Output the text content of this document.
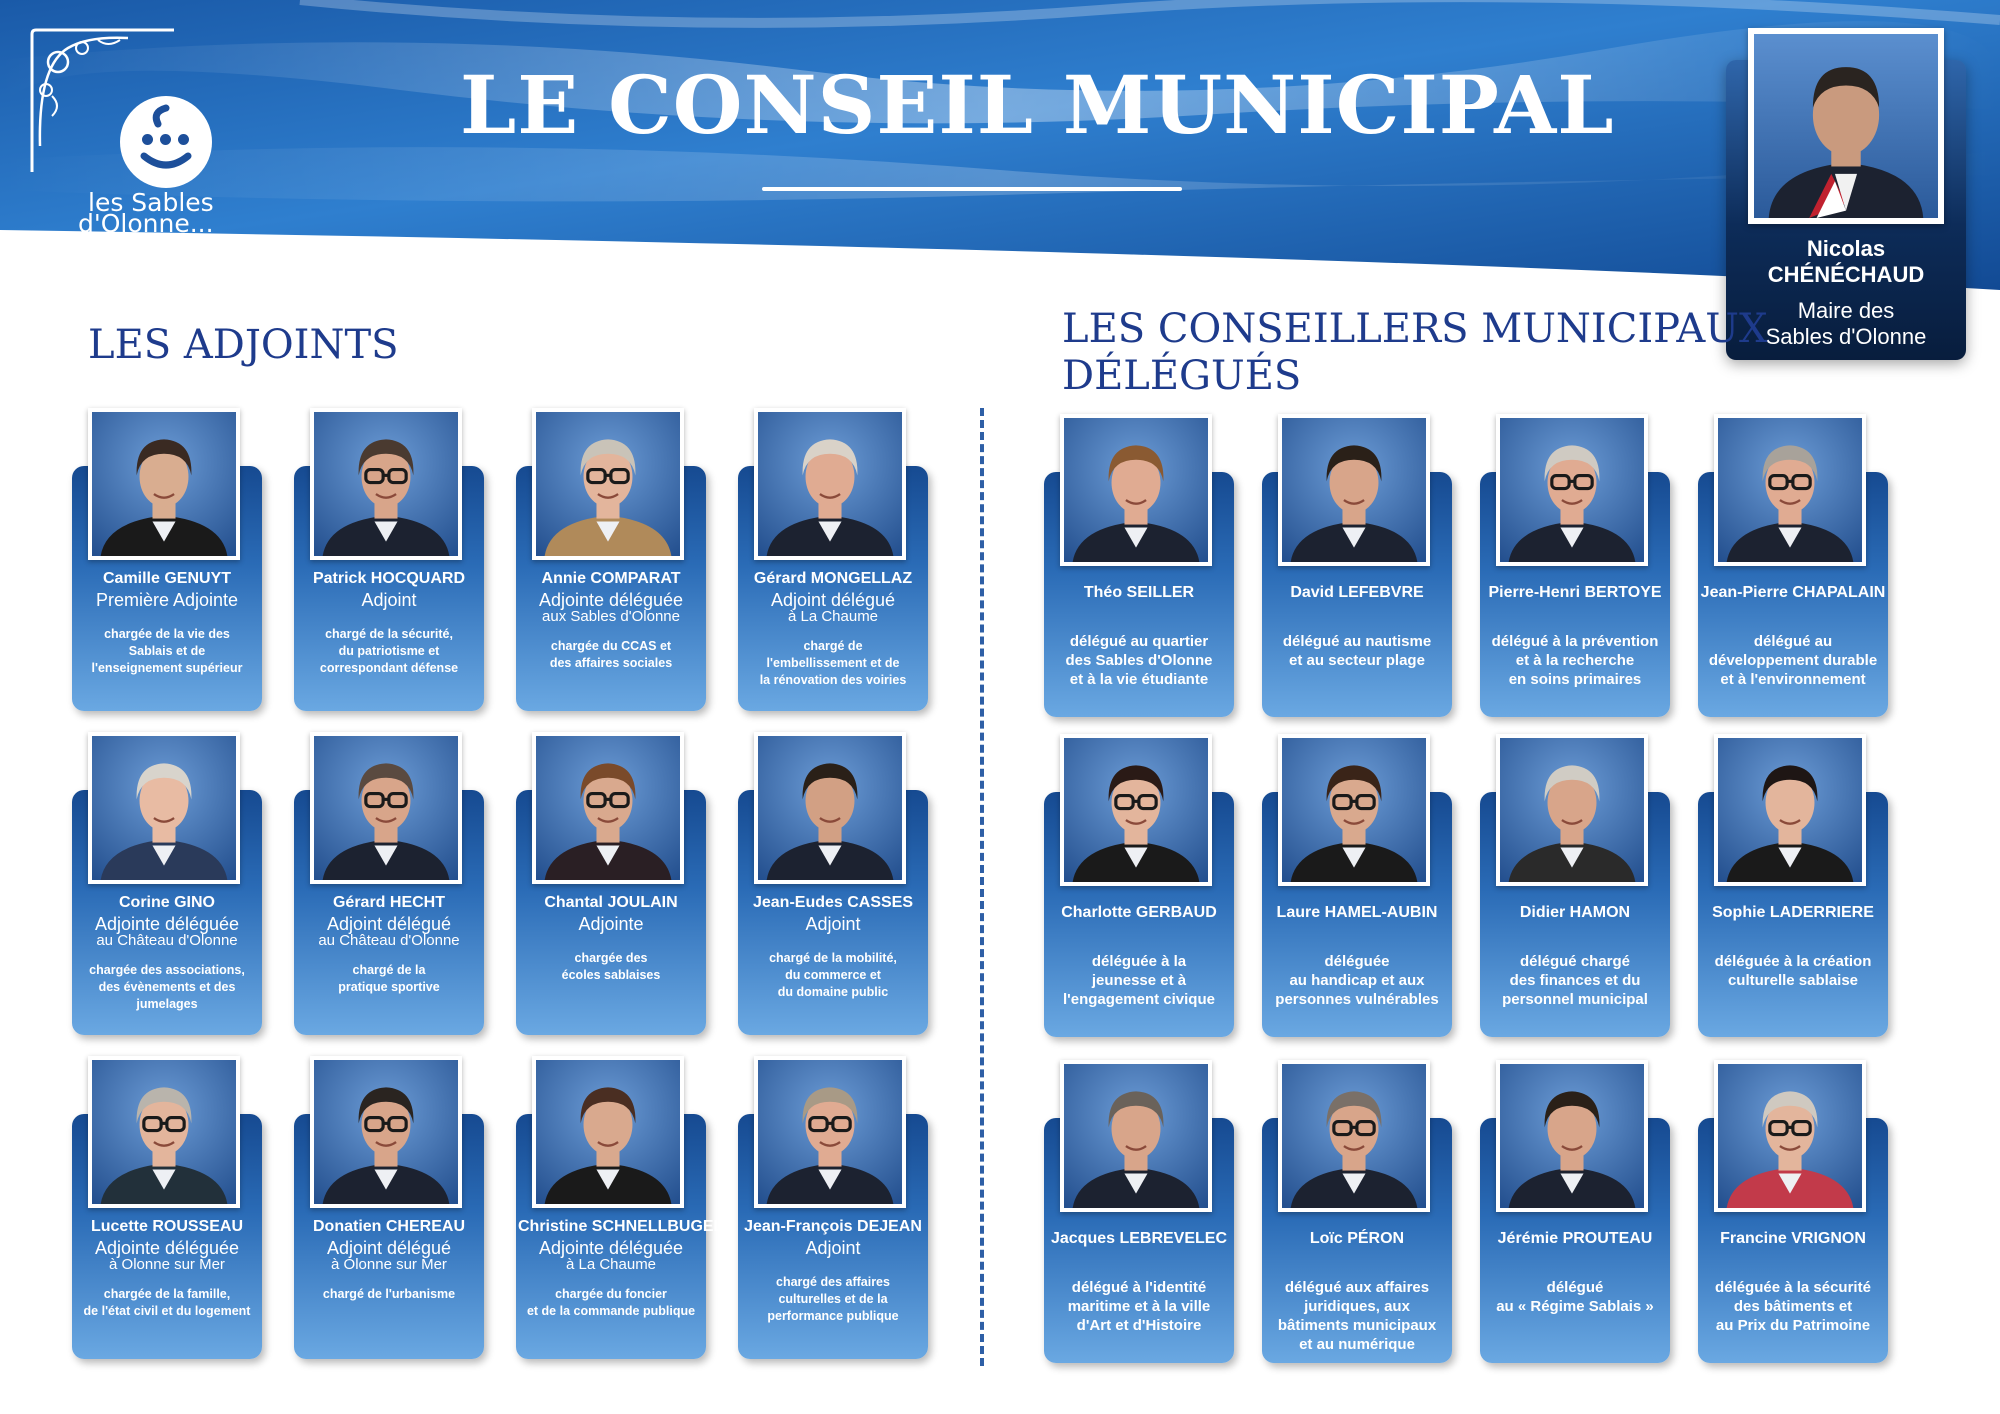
les Sables
d'Olonne...
LE CONSEIL MUNICIPAL
Nicolas
CHÉNÉCHAUD
Maire des
Sables d'Olonne
LES ADJOINTS	LES CONSEILLERS MUNICIPAUX
DÉLÉGUÉS
Camille GENUYT
Première Adjointe
chargée de la vie des
Sablais et de
l'enseignement supérieur
Patrick HOCQUARD
Adjoint
chargé de la sécurité,
du patriotisme et
correspondant défense
Annie COMPARAT
Adjointe déléguée
aux Sables d'Olonne
chargée du CCAS et
des affaires sociales
Gérard MONGELLAZ
Adjoint délégué
à La Chaume
chargé de
l'embellissement et de
la rénovation des voiries
Corine GINO
Adjointe déléguée
au Château d'Olonne
chargée des associations,
des évènements et des jumelages
Gérard HECHT
Adjoint délégué
au Château d'Olonne
chargé de la
pratique sportive
Chantal JOULAIN
Adjointe
chargée des
écoles sablaises
Jean-Eudes CASSES
Adjoint
chargé de la mobilité,
du commerce et
du domaine public
Lucette ROUSSEAU
Adjointe déléguée
à Olonne sur Mer
chargée de la famille,
de l'état civil et du logement
Donatien CHEREAU
Adjoint délégué
à Olonne sur Mer
chargé de l'urbanisme
Christine SCHNELLBUGEL
Adjointe déléguée
à La Chaume
chargée du foncier
et de la commande publique
Jean-François DEJEAN
Adjoint
chargé des affaires
culturelles et de la
performance publique
Théo SEILLER
délégué au quartier
des Sables d'Olonne
et à la vie étudiante
David LEFEBVRE
délégué au nautisme
et au secteur plage
Pierre-Henri BERTOYE
délégué à la prévention
et à la recherche
en soins primaires
Jean-Pierre CHAPALAIN
délégué au
développement durable
et à l'environnement
Charlotte GERBAUD
déléguée à la
jeunesse et à
l'engagement civique
Laure HAMEL-AUBIN
déléguée
au handicap et aux
personnes vulnérables
Didier HAMON
délégué chargé
des finances et du
personnel municipal
Sophie LADERRIERE
déléguée à la création
culturelle sablaise
Jacques LEBREVELEC
délégué à l'identité
maritime et à la ville
d'Art et d'Histoire
Loïc PÉRON
délégué aux affaires
juridiques, aux
bâtiments municipaux
et au numérique
Jérémie PROUTEAU
délégué
au « Régime Sablais »
Francine VRIGNON
déléguée à la sécurité
des bâtiments et
au Prix du Patrimoine
